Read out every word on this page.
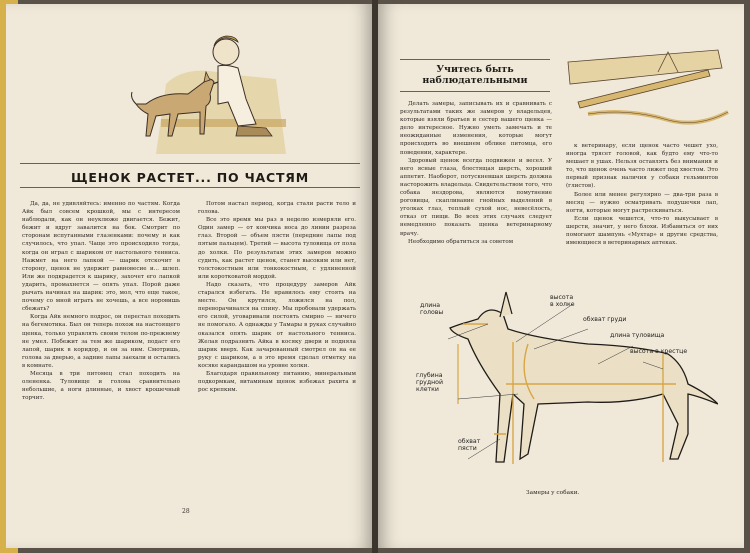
ЩЕНОК РАСТЕТ... ПО ЧАСТЯМ

Да, да, не удивляйтесь: именно по частям. Когда Айк был совсем крошкой, мы с интересом наблюдали, как он неуклюже двигается. Бежит, бежит и вдруг завалится на бок. Смотрит по сторонам испуганными глазенками: почему и как случилось, что упал. Чаще это происходило тогда, когда он играл с шариком от настольного тенниса. Нажмет на него лапкой — шарик отскочит в сторону, щенок не удержит равновесие и... шлеп. Или же подкрадется к шарику, захочет его лапкой ударить, промахнется — опять упал. Порой даже рычать начинал на шарик: это, мол, что еще такое, почему со мной играть не хочешь, а все норовишь сбежать?

Когда Айк немного подрос, он перестал походить на бегемотика. Был он теперь похож на настоящего щенка, только управлять своим телом по-прежнему не умел. Побежит за тем же шариком, подаст его лапой, шарик в коридор, и он за ним. Смотришь, голова за дверью, а задние лапы заехали и остались в комнате.

Месяца в три питомец стал походить на олененка. Туловище и голова сравнительно небольшие, а ноги длинные, и хвост крошечный торчит.

Потом настал период, когда стали расти тело и голова.

Все это время мы раз в неделю измеряли его. Один замер — от кончика носа до линии разреза глаз. Второй — объем пясти (передние лапы под пятым пальцем). Третий — высота туловища от пола до холки. По результатам этих замеров можно судить, как растет щенок, станет высоким или нет, толстокостным или тонкокостным, с удлиненной или коротковатой мордой.

Надо сказать, что процедуру замеров Айк старался избегать. Не нравилось ему стоять на месте. Он крутился, ложился на пол, переворачивался на спину. Мы пробовали удержать его силой, уговаривали постоять смирно — ничего не помогало. А однажды у Тамары в руках случайно оказался опять шарик от настольного тенниса. Желая подразнить Айка в косяку двери и подняла шарик вверх. Как зачарованный смотрел он на ее руку с шариком, а в это время сделал отметку на косяке карандашом на уровне холки.

Благодаря правильному питанию, минеральным подкормкам, витаминам щенок избежал рахита и рос крепким.

28
Учитесь быть наблюдательными

Делать замеры, записывать их и сравнивать с результатами таких же замеров у владельцев, которые взяли братьев и сестер вашего щенка — дело интересное. Нужно уметь замечать и те неожиданные изменения, которые могут происходить во внешнем облике питомца, его поведении, характере.

Здоровый щенок всегда подвижен и весел. У него ясные глаза, блестящая шерсть, хороший аппетит. Наоборот, потускневшая шерсть должна насторожить владельца. Свидетельством того, что собака нездорова, являются помутнение роговицы, скапливание гнойных выделений в уголках глаз, теплый сухой нос, невесёлость, отказ от пищи. Во всех этих случаях следует немедленно показать щенка ветеринарному врачу.

Необходимо обратиться за советом

к ветеринару, если щенок часто чешет ухо, иногда трясет головой, как будто ему что-то мешает в ушах. Нельзя оставлять без внимания и то, что щенок очень часто лижет под хвостом. Это первый признак наличия у собаки гельминтов (глистов).

Более или менее регулярно — два-три раза в месяц — нужно осматривать подушечки лап, ногти, которые могут растрескиваться.

Если щенок чешется, что-то выкусывает в шерсти, значит, у него блохи. Избавиться от них помогают шампунь «Мухтар» и другие средства, имеющиеся в ветеринарных аптеках.

длина
головы
высота
в холке
обхват груди
длина туловища
высота в крестце
глубина
грудной
клетки
обхват
пясти
Замеры у собаки.
